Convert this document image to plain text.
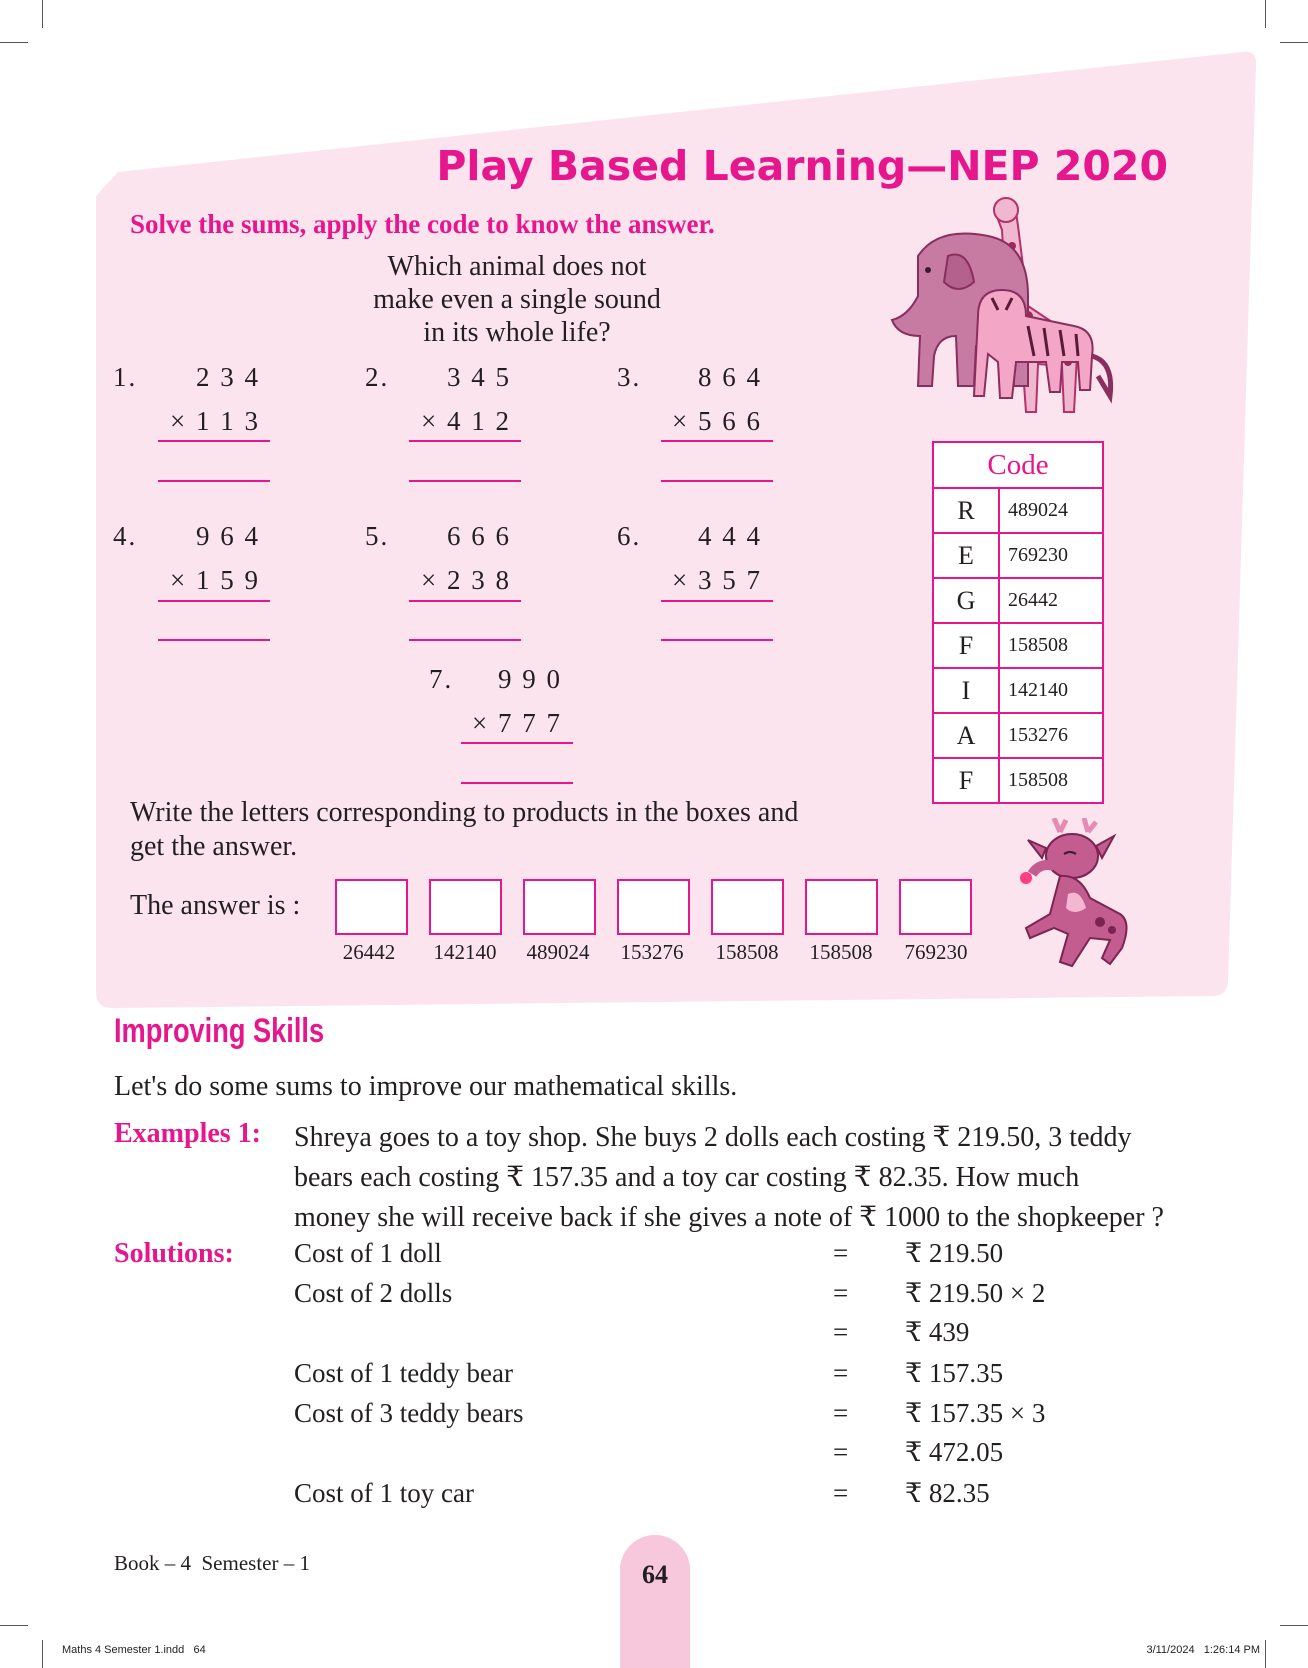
Play Based Learning—NEP 2020
Solve the sums, apply the code to know the answer.
Which animal does not
make even a single sound
in its whole life?
1.	2 3 4
× 1 1 3
2.	3 4 5
× 4 1 2
3.	8 6 4
× 5 6 6
4.	9 6 4
× 1 5 9
5.	6 6 6
× 2 3 8
6.	4 4 4
× 3 5 7
7.	9 9 0
× 7 7 7
Code	
R	489024
E	769230
G	26442
F	158508
I	142140
A	153276
F	158508
Write the letters corresponding to products in the boxes and
get the answer.
The answer is :
26442	142140	489024	153276	158508	158508	769230
Improving Skills
Let's do some sums to improve our mathematical skills.
Examples 1: Shreya goes to a toy shop. She buys 2 dolls each costing ₹ 219.50, 3 teddy
bears each costing ₹ 157.35 and a toy car costing ₹ 82.35. How much
money she will receive back if she gives a note of ₹ 1000 to the shopkeeper ?
Solutions: Cost of 1 doll	= ₹ 219.50
Cost of 2 dolls	= ₹ 219.50 × 2
= ₹ 439
Cost of 1 teddy bear	= ₹ 157.35
Cost of 3 teddy bears	= ₹ 157.35 × 3
= ₹ 472.05
Cost of 1 toy car	= ₹ 82.35
Book – 4  Semester – 1	64
Maths 4 Semester 1.indd   64	3/11/2024   1:26:14 PM
